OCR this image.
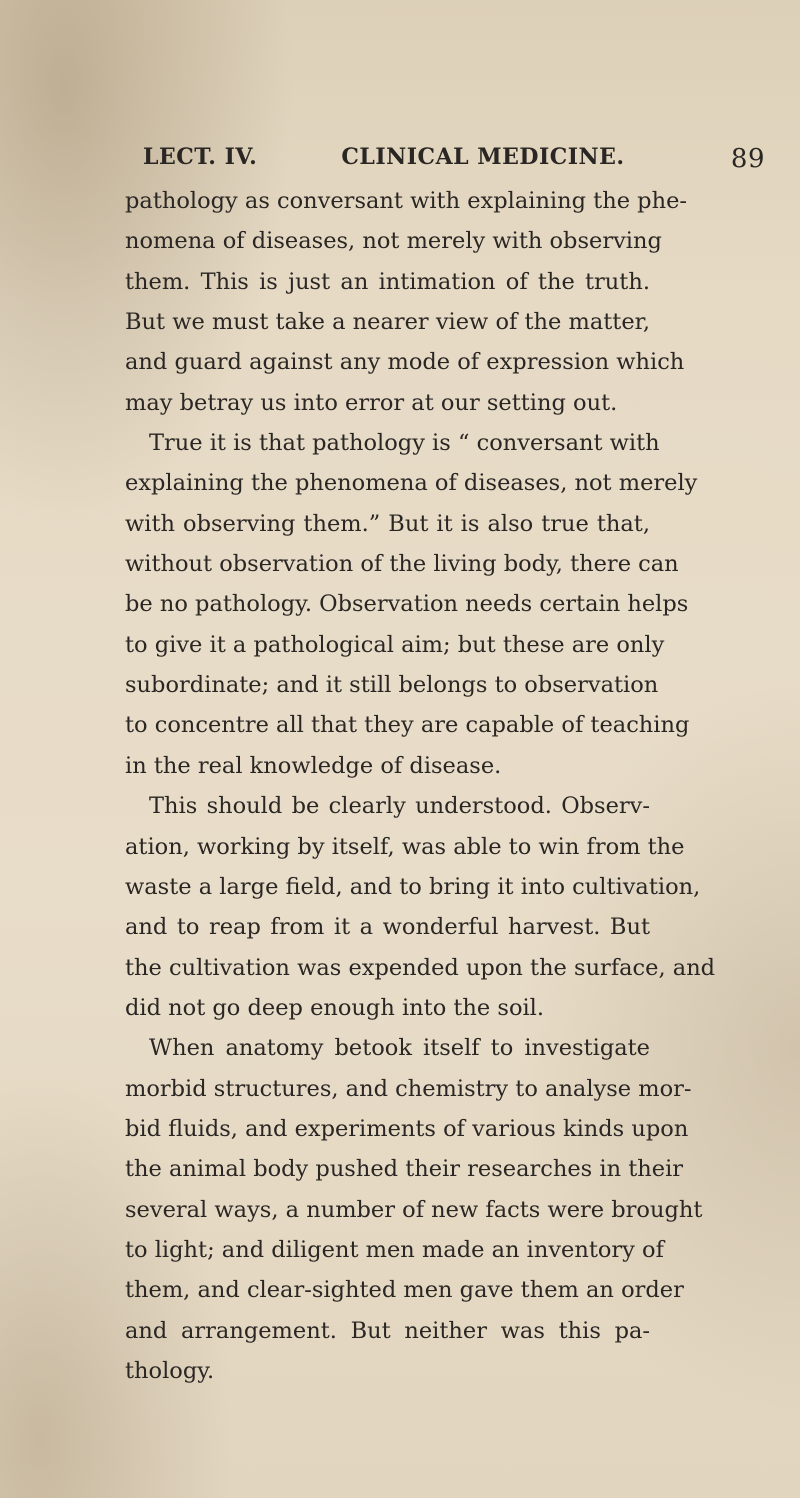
LECT. IV.	CLINICAL MEDICINE.	89
pathology as conversant with explaining the phe-
nomena of diseases, not merely with observing
them. This is just an intimation of the truth.
But we must take a nearer view of the matter,
and guard against any mode of expression which
may betray us into error at our setting out.
True it is that pathology is “ conversant with
explaining the phenomena of diseases, not merely
with observing them.” But it is also true that,
without observation of the living body, there can
be no pathology. Observation needs certain helps
to give it a pathological aim; but these are only
subordinate; and it still belongs to observation
to concentre all that they are capable of teaching
in the real knowledge of disease.
This should be clearly understood. Observ-
ation, working by itself, was able to win from the
waste a large field, and to bring it into cultivation,
and to reap from it a wonderful harvest. But
the cultivation was expended upon the surface, and
did not go deep enough into the soil.
When anatomy betook itself to investigate
morbid structures, and chemistry to analyse mor-
bid fluids, and experiments of various kinds upon
the animal body pushed their researches in their
several ways, a number of new facts were brought
to light; and diligent men made an inventory of
them, and clear-sighted men gave them an order
and arrangement. But neither was this pa-
thology.
